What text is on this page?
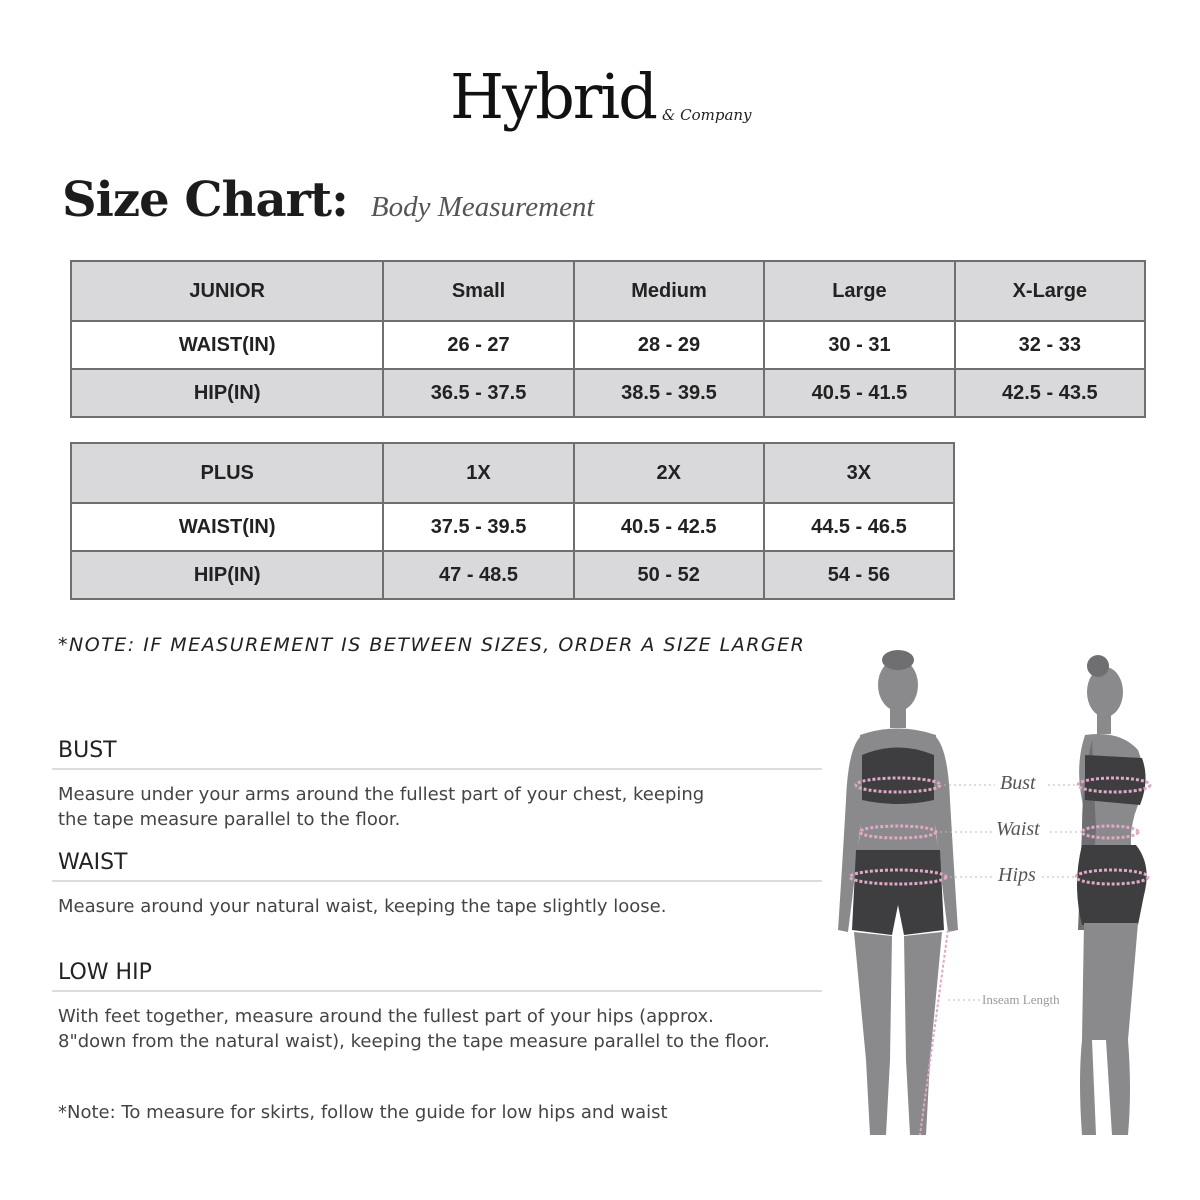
Hybrid & Company
Size Chart: Body Measurement
JUNIOR	Small	Medium	Large	X-Large
WAIST(IN)	26 - 27	28 - 29	30 - 31	32 - 33
HIP(IN)	36.5 - 37.5	38.5 - 39.5	40.5 - 41.5	42.5 - 43.5
PLUS	1X	2X	3X
WAIST(IN)	37.5 - 39.5	40.5 - 42.5	44.5 - 46.5
HIP(IN)	47 - 48.5	50 - 52	54 - 56
*NOTE: IF MEASUREMENT IS BETWEEN SIZES, ORDER A SIZE LARGER
BUST
Measure under your arms around the fullest part of your chest, keeping
the tape measure parallel to the floor.
WAIST
Measure around your natural waist, keeping the tape slightly loose.
LOW HIP
With feet together, measure around the fullest part of your hips (approx.
8"down from the natural waist), keeping the tape measure parallel to the floor.
*Note: To measure for skirts, follow the guide for low hips and waist
Bust
Waist
Hips
Inseam Length
